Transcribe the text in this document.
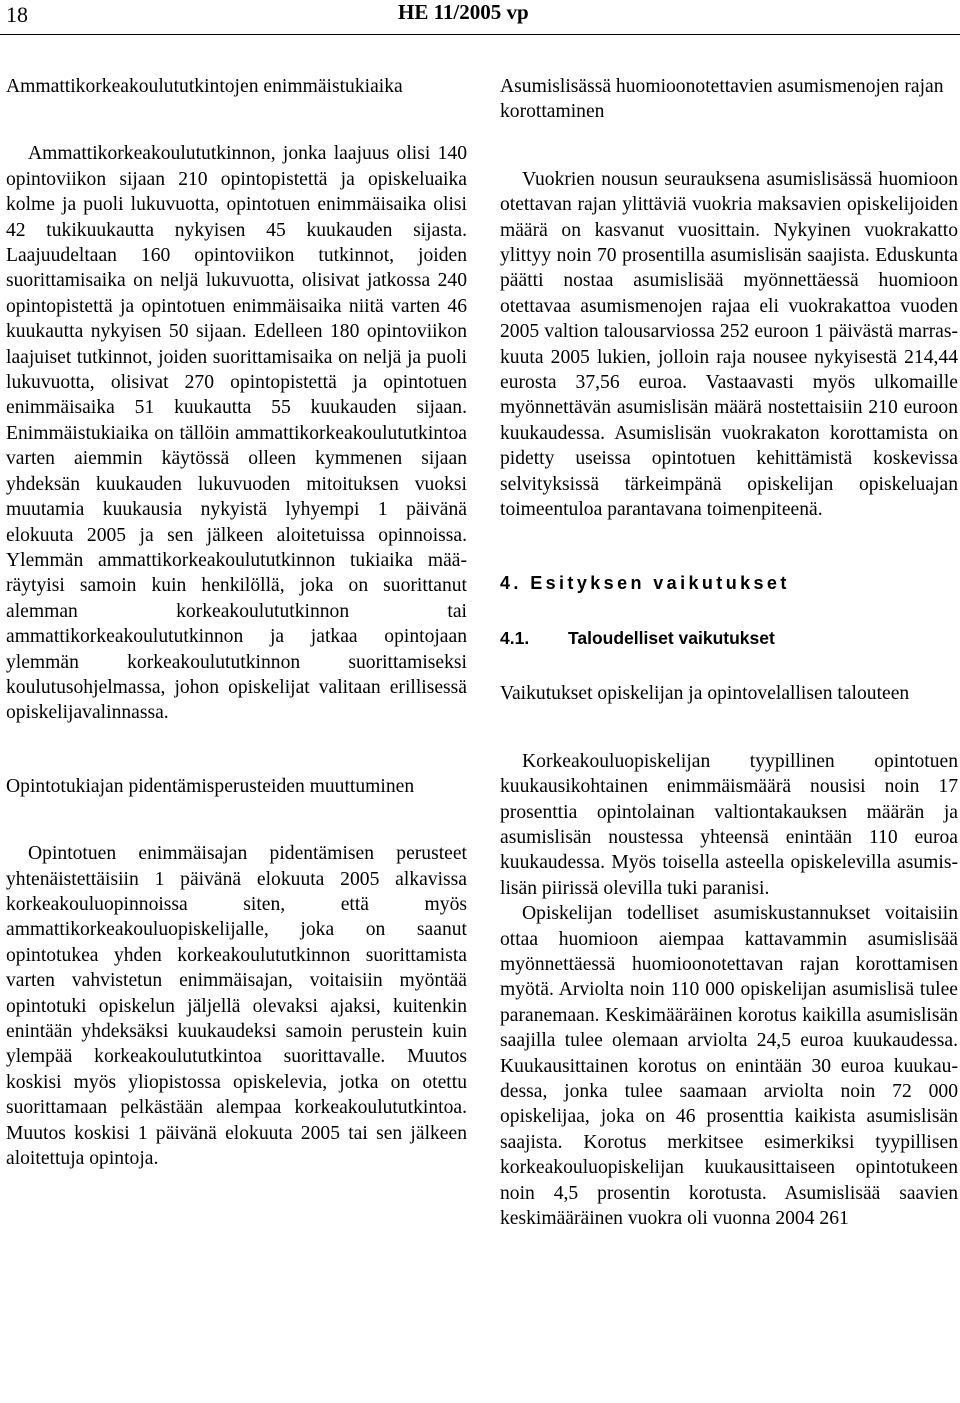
18	HE 11/2005 vp

Ammattikorkeakoulututkintojen enimmäistukiaika

Ammattikorkeakoulututkinnon, jonka laajuus olisi 140 opintoviikon sijaan 210 opintopistettä ja opiskeluaika kolme ja puoli lukuvuotta, opintotuen enimmäisaika olisi 42 tukikuukautta nykyisen 45 kuukauden sijasta. Laajuudeltaan 160 opintoviikon tutkinnot, joiden suorittamisaika on neljä lukuvuotta, olisivat jatkossa 240 opintopistettä ja opintotuen enimmäisaika niitä varten 46 kuukautta nykyisen 50 sijaan. Edelleen 180 opintoviikon laajuiset tutkinnot, joiden suorittamisaika on neljä ja puoli lukuvuotta, olisivat 270 opintopistettä ja opintotuen enimmäisaika 51 kuukautta 55 kuukauden sijaan. Enimmäistukiaika on tällöin ammattikorkeakoulututkintoa varten aiemmin käytössä olleen kymmenen sijaan yhdeksän kuukauden lukuvuoden mitoituksen vuoksi muutamia kuukausia nykyistä lyhyempi 1 päivänä elokuuta 2005 ja sen jälkeen aloitetuissa opinnoissa. Ylemmän ammattikorkeakoulututkinnon tukiaika määräytyisi samoin kuin henkilöllä, joka on suorittanut alemman korkeakoulututkinnon tai ammattikorkeakoulututkinnon ja jatkaa opintojaan ylemmän korkeakoulututkinnon suorittamiseksi koulutusohjelmassa, johon opiskelijat valitaan erillisessä opiskelijavalinnassa.

Opintotukiajan pidentämisperusteiden muuttuminen

Opintotuen enimmäisajan pidentämisen perusteet yhtenäistettäisiin 1 päivänä elokuuta 2005 alkavissa korkeakouluopinnoissa siten, että myös ammattikorkeakouluopiskelijalle, joka on saanut opintotukea yhden korkeakoulututkinnon suorittamista varten vahvistetun enimmäisajan, voitaisiin myöntää opintotuki opiskelun jäljellä olevaksi ajaksi, kuitenkin enintään yhdeksäksi kuukaudeksi samoin perustein kuin ylempää korkeakoulututkintoa suorittavalle. Muutos koskisi myös yliopistossa opiskelevia, jotka on otettu suorittamaan pelkästään alempaa korkeakoulututkintoa. Muutos koskisi 1 päivänä elokuuta 2005 tai sen jälkeen aloitettuja opintoja.

Asumislisässä huomioonotettavien asumismenojen rajan korottaminen

Vuokrien nousun seurauksena asumislisässä huomioon otettavan rajan ylittäviä vuokria maksavien opiskelijoiden määrä on kasvanut vuosittain. Nykyinen vuokrakatto ylittyy noin 70 prosentilla asumislisän saajista. Eduskunta päätti nostaa asumislisää myönnettäessä huomioon otettavaa asumismenojen rajaa eli vuokrakattoa vuoden 2005 valtion talousarviossa 252 euroon 1 päivästä marraskuuta 2005 lukien, jolloin raja nousee nykyisestä 214,44 eurosta 37,56 euroa. Vastaavasti myös ulkomaille myönnettävän asumislisän määrä nostettaisiin 210 euroon kuukaudessa. Asumislisän vuokrakaton korottamista on pidetty useissa opintotuen kehittämistä koskevissa selvityksissä tärkeimpänä opiskelijan opiskeluajan toimeentuloa parantavana toimenpiteenä.

4. Esityksen vaikutukset

4.1. Taloudelliset vaikutukset

Vaikutukset opiskelijan ja opintovelallisen talouteen

Korkeakouluopiskelijan tyypillinen opintotuen kuukausikohtainen enimmäismäärä nousisi noin 17 prosenttia opintolainan valtiontakauksen määrän ja asumislisän noustessa yhteensä enintään 110 euroa kuukaudessa. Myös toisella asteella opiskelevilla asumislisän piirissä olevilla tuki paranisi.

Opiskelijan todelliset asumiskustannukset voitaisiin ottaa huomioon aiempaa kattavammin asumislisää myönnettäessä huomioonotettavan rajan korottamisen myötä. Arviolta noin 110 000 opiskelijan asumislisä tulee paranemaan. Keskimääräinen korotus kaikilla asumislisän saajilla tulee olemaan arviolta 24,5 euroa kuukaudessa. Kuukausittainen korotus on enintään 30 euroa kuukaudessa, jonka tulee saamaan arviolta noin 72 000 opiskelijaa, joka on 46 prosenttia kaikista asumislisän saajista. Korotus merkitsee esimerkiksi tyypillisen korkeakouluopiskelijan kuukausittaiseen opintotukeen noin 4,5 prosentin korotusta. Asumislisää saavien keskimääräinen vuokra oli vuonna 2004 261
